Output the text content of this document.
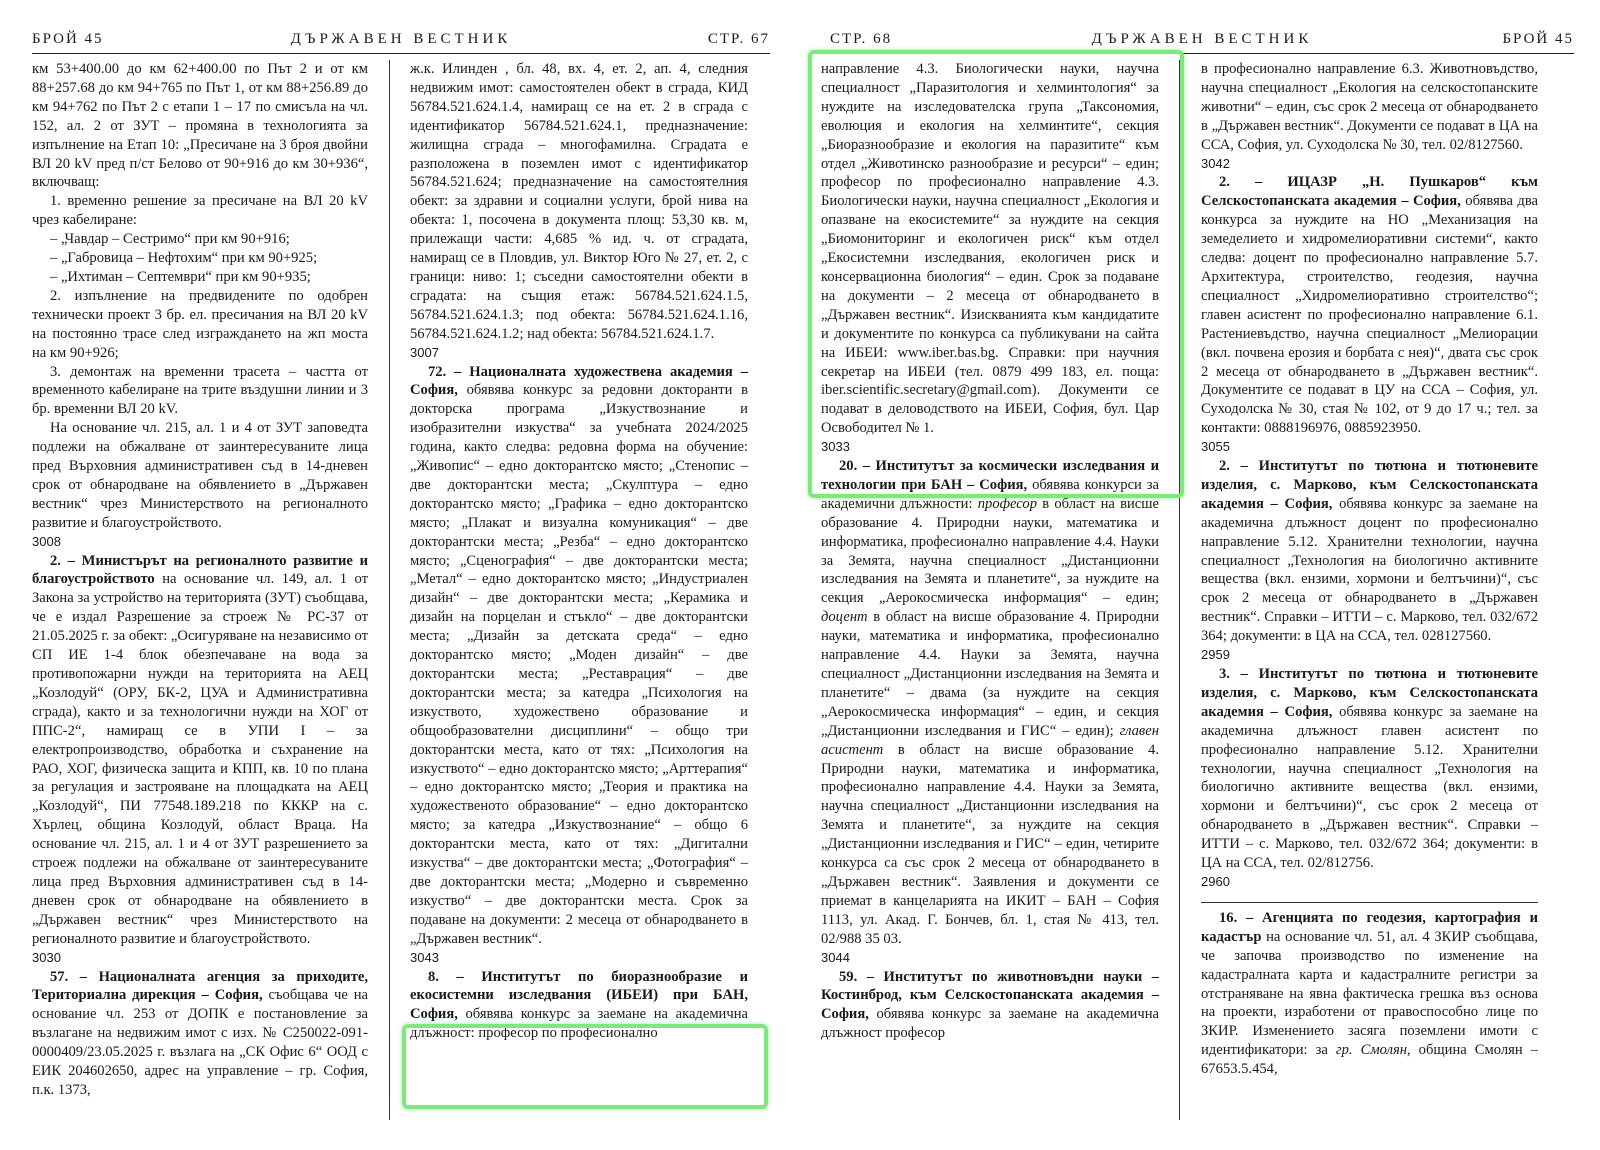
БРОЙ 45	ДЪРЖАВЕН ВЕСТНИК	СТР. 67

км 53+400.00 до км 62+400.00 по Път 2 и от км 88+257.68 до км 94+765 по Път 1, от км 88+256.89 до км 94+762 по Път 2 с етапи 1 – 17 по смисъла на чл. 152, ал. 2 от ЗУТ – промяна в технологията за изпълнение на Етап 10: „Пресичане на 3 броя двойни ВЛ 20 kV пред п/ст Белово от 90+916 до км 30+936“, включващ:

1. временно решение за пресичане на ВЛ 20 kV чрез кабелиране:

– „Чавдар – Сестримо“ при км 90+916;

– „Габровица – Нефтохим“ при км 90+925;

– „Ихтиман – Септември“ при км 90+935;

2. изпълнение на предвидените по одобрен технически проект 3 бр. ел. пресичания на ВЛ 20 kV на постоянно трасе след изграждането на жп моста на км 90+926;

3. демонтаж на временни трасета – частта от временното кабелиране на трите въздушни линии и 3 бр. временни ВЛ 20 kV.

На основание чл. 215, ал. 1 и 4 от ЗУТ заповедта подлежи на обжалване от заинтересуваните лица пред Върховния административен съд в 14-дневен срок от обнародване на обявлението в „Държавен вестник“ чрез Министерството на регионалното развитие и благоустройството.

3008

2. – Министърът на регионалното развитие и благоустройството на основание чл. 149, ал. 1 от Закона за устройство на територията (ЗУТ) съобщава, че е издал Разрешение за строеж № РС-37 от 21.05.2025 г. за обект: „Осигуряване на независимо от СП ИЕ 1-4 блок обезпечаване на вода за противопожарни нужди на територията на АЕЦ „Козлодуй“ (ОРУ, БК-2, ЦУА и Административна сграда), както и за технологични нужди на ХОГ от ППС-2“, намиращ се в УПИ I – за електропроизводство, обработка и съхранение на РАО, ХОГ, физическа защита и КПП, кв. 10 по плана за регулация и застрояване на площадката на АЕЦ „Козлодуй“, ПИ 77548.189.218 по КККР на с. Хърлец, община Козлодуй, област Враца. На основание чл. 215, ал. 1 и 4 от ЗУТ разрешението за строеж подлежи на обжалване от заинтересуваните лица пред Върховния административен съд в 14-дневен срок от обнародване на обявлението в „Държавен вестник“ чрез Министерството на регионалното развитие и благоустройството.

3030

57. – Националната агенция за приходите, Териториална дирекция – София, съобщава че на основание чл. 253 от ДОПК е постановление за възлагане на недвижим имот с изх. № С250022-091-0000409/23.05.2025 г. възлага на „СК Офис 6“ ООД с ЕИК 204602650, адрес на управление – гр. София, п.к. 1373,

ж.к. Илинден , бл. 48, вх. 4, ет. 2, ап. 4, следния недвижим имот: самостоятелен обект в сграда, КИД 56784.521.624.1.4, намиращ се на ет. 2 в сграда с идентификатор 56784.521.624.1, предназначение: жилищна сграда – многофамилна. Сградата е разположена в поземлен имот с идентификатор 56784.521.624; предназначение на самостоятелния обект: за здравни и социални услуги, брой нива на обекта: 1, посочена в документа площ: 53,30 кв. м, прилежащи части: 4,685 % ид. ч. от сградата, намиращ се в Пловдив, ул. Виктор Юго № 27, ет. 2, с граници: ниво: 1; съседни самостоятелни обекти в сградата: на същия етаж: 56784.521.624.1.5, 56784.521.624.1.3; под обекта: 56784.521.624.1.16, 56784.521.624.1.2; над обекта: 56784.521.624.1.7.

3007

72. – Националната художествена академия – София, обявява конкурс за редовни докторанти в докторска програма „Изкуствознание и изобразителни изкуства“ за учебната 2024/2025 година, както следва: редовна форма на обучение: „Живопис“ – едно докторантско място; „Стенопис – две докторантски места; „Скулптура – едно докторантско място; „Графика – едно докторантско място; „Плакат и визуална комуникация“ – две докторантски места; „Резба“ – едно докторантско място; „Сценография“ – две докторантски места; „Метал“ – едно докторантско място; „Индустриален дизайн“ – две докторантски места; „Керамика и дизайн на порцелан и стъкло“ – две докторантски места; „Дизайн за детската среда“ – едно докторантско място; „Моден дизайн“ – две докторантски места; „Реставрация“ – две докторантски места; за катедра „Психология на изкуството, художествено образование и общообразователни дисциплини“ – общо три докторантски места, като от тях: „Психология на изкуството“ – едно докторантско място; „Арттерапия“ – едно докторантско място; „Теория и практика на художественото образование“ – едно докторантско място; за катедра „Изкуствознание“ – общо 6 докторантски места, като от тях: „Дигитални изкуства“ – две докторантски места; „Фотография“ – две докторантски места; „Модерно и съвременно изкуство“ – две докторантски места. Срок за подаване на документи: 2 месеца от обнародването в „Държавен вестник“.

3043

8. – Институтът по биоразнообразие и екосистемни изследвания (ИБЕИ) при БАН, София, обявява конкурс за заемане на академична длъжност: професор по професионално

СТР. 68	ДЪРЖАВЕН ВЕСТНИК	БРОЙ 45

направление 4.3. Биологически науки, научна специалност „Паразитология и хелминтология“ за нуждите на изследователска група „Таксономия, еволюция и екология на хелминтите“, секция „Биоразнообразие и екология на паразитите“ към отдел „Животинско разнообразие и ресурси“ – един; професор по професионално направление 4.3. Биологически науки, научна специалност „Екология и опазване на екосистемите“ за нуждите на секция „Биомониторинг и екологичен риск“ към отдел „Екосистемни изследвания, екологичен риск и консервационна биология“ – един. Срок за подаване на документи – 2 месеца от обнародването в „Държавен вестник“. Изискванията към кандидатите и документите по конкурса са публикувани на сайта на ИБЕИ: www.iber.bas.bg. Справки: при научния секретар на ИБЕИ (тел. 0879 499 183, ел. поща: iber.scientific.secretary@gmail.com). Документи се подават в деловодството на ИБЕИ, София, бул. Цар Освободител № 1.

3033

20. – Институтът за космически изследвания и технологии при БАН – София, обявява конкурси за академични длъжности: професор в област на висше образование 4. Природни науки, математика и информатика, професионално направление 4.4. Науки за Земята, научна специалност „Дистанционни изследвания на Земята и планетите“, за нуждите на секция „Аерокосмическа информация“ – един; доцент в област на висше образование 4. Природни науки, математика и информатика, професионално направление 4.4. Науки за Земята, научна специалност „Дистанционни изследвания на Земята и планетите“ – двама (за нуждите на секция „Аерокосмическа информация“ – един, и секция „Дистанционни изследвания и ГИС“ – един); главен асистент в област на висше образование 4. Природни науки, математика и информатика, професионално направление 4.4. Науки за Земята, научна специалност „Дистанционни изследвания на Земята и планетите“, за нуждите на секция „Дистанционни изследвания и ГИС“ – един, четирите конкурса са със срок 2 месеца от обнародването в „Държавен вестник“. Заявления и документи се приемат в канцеларията на ИКИТ – БАН – София 1113, ул. Акад. Г. Бончев, бл. 1, стая № 413, тел. 02/988 35 03.

3044

59. – Институтът по животновъдни науки – Костинброд, към Селскостопанската академия – София, обявява конкурс за заемане на академична длъжност професор

в професионално направление 6.3. Животновъдство, научна специалност „Екология на селскостопанските животни“ – един, със срок 2 месеца от обнародването в „Държавен вестник“. Документи се подават в ЦА на ССА, София, ул. Суходолска № 30, тел. 02/8127560.

3042

2. – ИЦАЗР „Н. Пушкаров“ към Селскостопанската академия – София, обявява два конкурса за нуждите на НО „Механизация на земеделието и хидромелиоративни системи“, както следва: доцент по професионално направление 5.7. Архитектура, строителство, геодезия, научна специалност „Хидромелиоративно строителство“; главен асистент по професионално направление 6.1. Растениевъдство, научна специалност „Мелиорации (вкл. почвена ерозия и борбата с нея)“, двата със срок 2 месеца от обнародването в „Държавен вестник“. Документите се подават в ЦУ на ССА – София, ул. Суходолска № 30, стая № 102, от 9 до 17 ч.; тел. за контакти: 0888196976, 0885923950.

3055

2. – Институтът по тютюна и тютюневите изделия, с. Марково, към Селскостопанската академия – София, обявява конкурс за заемане на академична длъжност доцент по професионално направление 5.12. Хранителни технологии, научна специалност „Технология на биологично активните вещества (вкл. ензими, хормони и белтъчини)“, със срок 2 месеца от обнародването в „Държавен вестник“. Справки – ИТТИ – с. Марково, тел. 032/672 364; документи: в ЦА на ССА, тел. 028127560.

2959

3. – Институтът по тютюна и тютюневите изделия, с. Марково, към Селскостопанската академия – София, обявява конкурс за заемане на академична длъжност главен асистент по професионално направление 5.12. Хранителни технологии, научна специалност „Технология на биологично активните вещества (вкл. ензими, хормони и белтъчини)“, със срок 2 месеца от обнародването в „Държавен вестник“. Справки – ИТТИ – с. Марково, тел. 032/672 364; документи: в ЦА на ССА, тел. 02/812756.

2960

16. – Агенцията по геодезия, картография и кадастър на основание чл. 51, ал. 4 ЗКИР съобщава, че започва производство по изменение на кадастралната карта и кадастралните регистри за отстраняване на явна фактическа грешка въз основа на проекти, изработени от правоспособно лице по ЗКИР. Изменението засяга поземлени имоти с идентификатори: за гр. Смолян, община Смолян – 67653.5.454,
